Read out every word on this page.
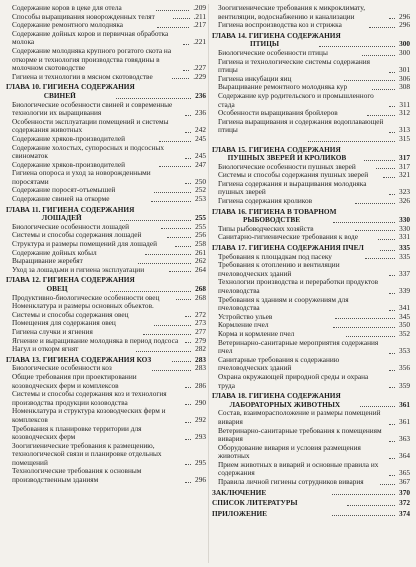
Содержание коров в цеке для отела	.209
Способы выращивания новорожденных телят	.211
Содержание ремонтного молодняка	.217
Содержание дойных коров и первичная обработка молока	.221
Содержание молодняка крупного рогатого скота на откорме и технология производства говядины в молочном скотоводстве	.227
Гигиена и технологии в мясном скотоводстве	.229
ГЛАВА 10. ГИГИЕНА СОДЕРЖАНИЯ
СВИНЕЙ	236
Биологические особенности свиней и современные технологии их выращивания	236
Особенности эксплуатации помещений и системы содержания животных	242
Содержание хряков-производителей	245
Содержание холостых, супоросных и подсосных свиноматок	245
Содержание хряков-производителей	247
Гигиена опороса и уход за новорожденными поросятами	250
Содержание поросят-отъемышей	252
Содержание свиней на откорме	253
ГЛАВА 11. ГИГИЕНА СОДЕРЖАНИЯ
ЛОШАДЕЙ	255
Биологические особенности лошадей	255
Системы и способы содержания лошадей	256
Структура и размеры помещений для лошадей	258
Содержание дойных кобыл	261
Выращивание жеребят	262
Уход за лошадьми и гигиена эксплуатации	264
ГЛАВА 12. ГИГИЕНА СОДЕРЖАНИЯ
ОВЕЦ	268
Продуктивно-биологические особенности овец	268
Номенклатура и размеры основных объектов. Системы и способы содержания овец	272
Помещения для содержания овец	273
Гигиена случки и ягнения	277
Ягнение и выращивание молодняка в период подсоса	279
Нагул и откорм ягнят	282
ГЛАВА 13. ГИГИЕНА СОДЕРЖАНИЯ КОЗ	283
Биологические особенности коз	283
Общие требования при проектировании козоводческих ферм и комплексов	286
Системы и способы содержания коз и технология производства продукции козоводства	290
Номенклатура и структура козоводческих ферм и комплексов	292
Требования к планировке территории для козоводческих ферм	293
Зоогигиенические требования к размещению, технологической связи и планировке отдельных помещений	295
Технологические требования к основным производственным зданиям	296
Зоогигиенические требования к микроклимату, вентиляции, водоснабжению и канализации	296
Гигиена воспроизводства коз и стрижка	296
ГЛАВА 14. ГИГИЕНА СОДЕРЖАНИЯ
ПТИЦЫ	300
Биологические особенности птицы	300
Гигиена и технологические системы содержания птицы	301
Гигиена инкубации яиц	306
Выращивание ремонтного молодняка кур	308
Содержание кур родительского и промышленного стада	311
Особенности выращивания бройлеров	312
Гигиена выращивания и содержания водоплавающей птицы	313
315
ГЛАВА 15. ГИГИЕНА СОДЕРЖАНИЯ
ПУШНЫХ ЗВЕРЕЙ И КРОЛИКОВ	317
Биологические особенности пушных зверей	317
Системы и способы содержания пушных зверей	321
Гигиена содержания и выращивания молодняка пушных зверей	323
Гигиена содержания кроликов	326
ГЛАВА 16. ГИГИЕНА В ТОВАРНОМ
РЫБОВОДСТВЕ	330
Типы рыбоводческих хозяйств	330
Санитарно-гигиенические требования к воде	331
ГЛАВА 17. ГИГИЕНА СОДЕРЖАНИЯ ПЧЕЛ	335
Требования к площадкам под пасеку	335
Требования к отоплению и вентиляции пчеловодческих зданий	337
Технологии производства и переработки продуктов пчеловодства	339
Требования к зданиям и сооружениям для пчеловодства	341
Устройство ульев	345
Кормление пчел	350
Корма и кормление пчел	352
Ветеринарно-санитарные мероприятия содержания пчел	353
Санитарные требования к содержанию пчеловодческих зданий	356
Охрана окружающей природной среды и охрана труда	359
ГЛАВА 18. ГИГИЕНА СОДЕРЖАНИЯ
ЛАБОРАТОРНЫХ ЖИВОТНЫХ	361
Состав, взаиморасположение и размеры помещений вивария	361
Ветеринарно-санитарные требования к помещениям вивария	363
Оборудование вивария и условия размещения животных	364
Прием животных в виварий и основные правила их содержания	365
Правила личной гигиены сотрудников вивария	367
ЗАКЛЮЧЕНИЕ	370
СПИСОК ЛИТЕРАТУРЫ	372
ПРИЛОЖЕНИЕ	374
